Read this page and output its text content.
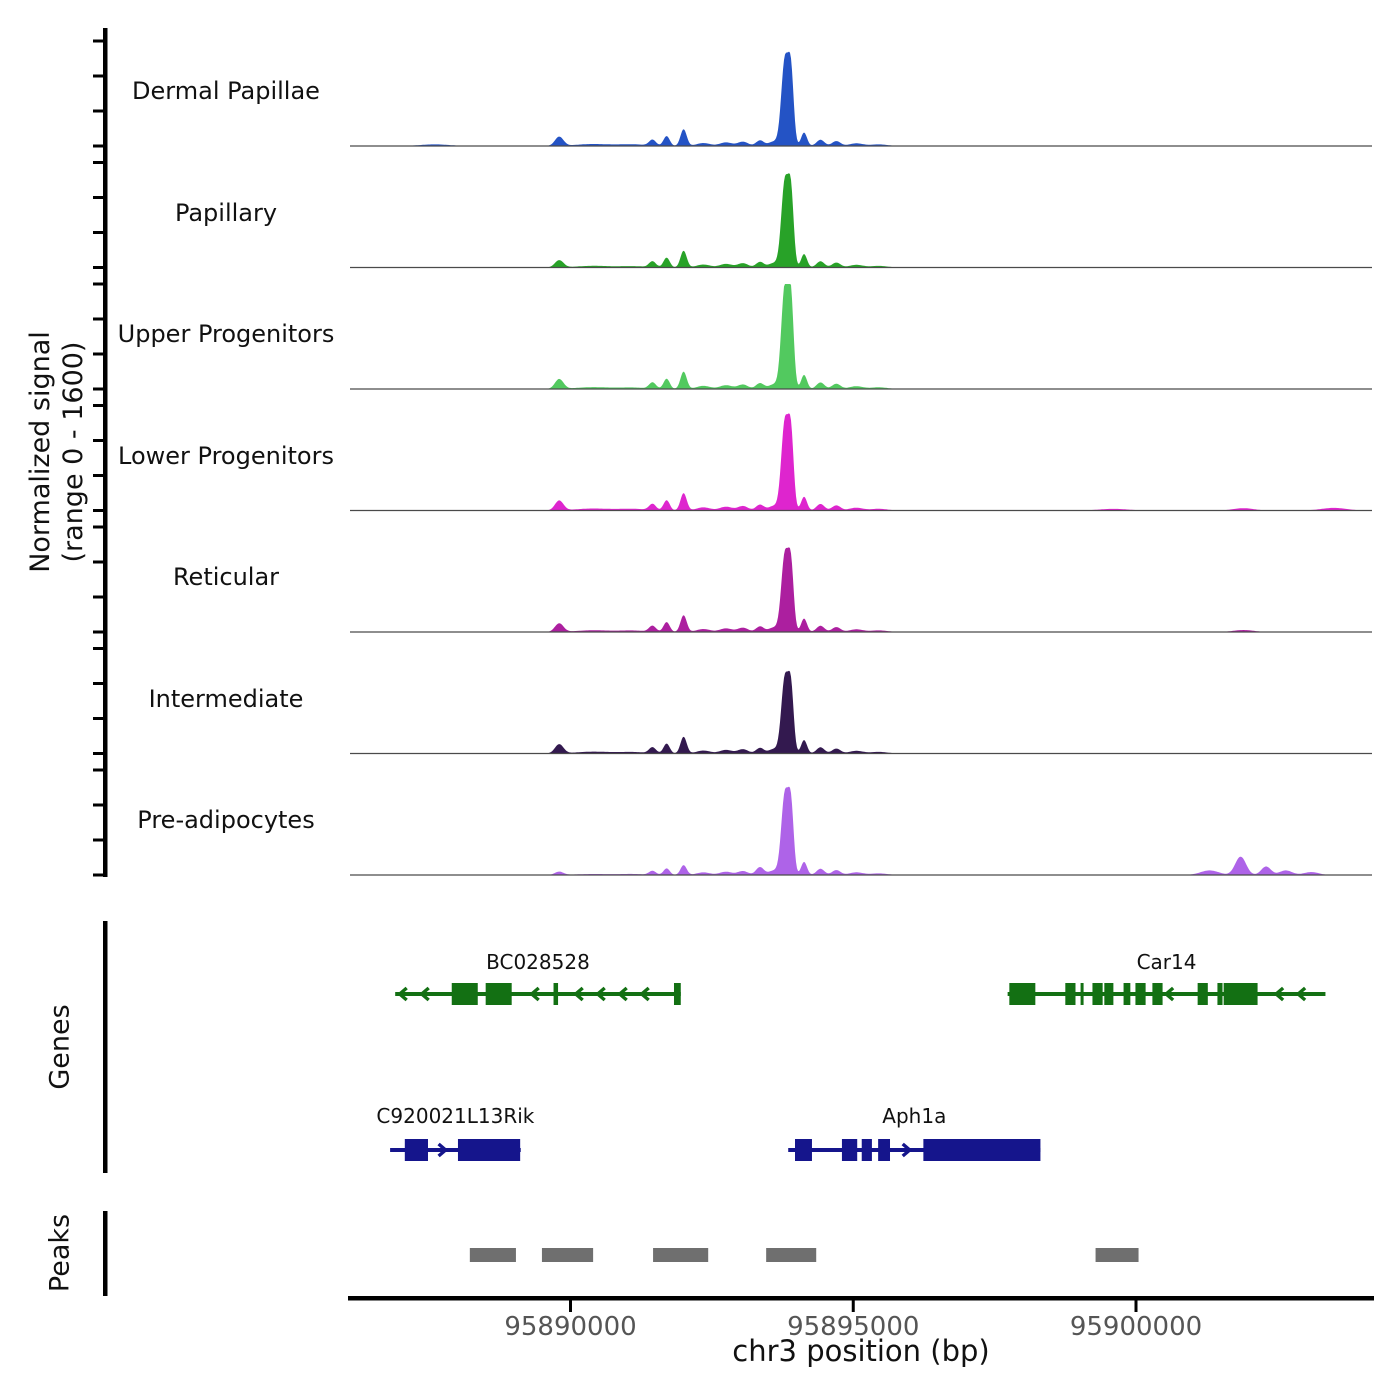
Normalized signal (range 0 - 1600)
Genes
Peaks
Dermal Papillae
Papillary
Upper Progenitors
Lower Progenitors
Reticular
Intermediate
Pre-adipocytes
BC028528	Car14
C920021L13Rik	Aph1a
95890000	95895000	95900000
chr3 position (bp)
